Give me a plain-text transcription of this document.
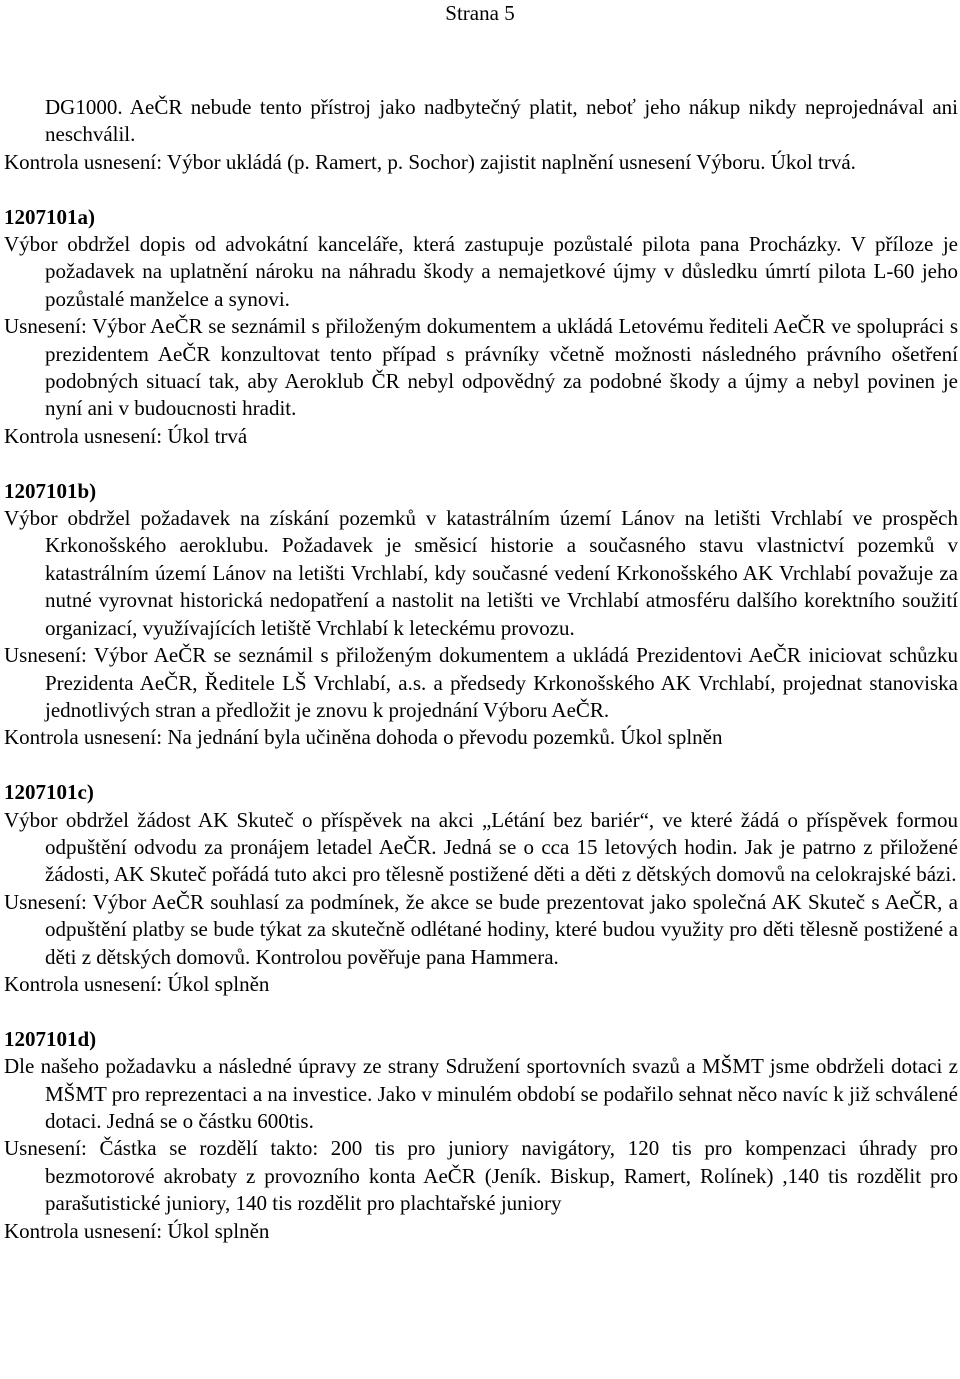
Strana 5

DG1000. AeČR nebude tento přístroj jako nadbytečný platit, neboť jeho nákup nikdy neprojednával ani neschválil.

Kontrola usnesení: Výbor ukládá (p. Ramert, p. Sochor) zajistit naplnění usnesení Výboru. Úkol trvá.

1207101a)

Výbor obdržel dopis od advokátní kanceláře, která zastupuje pozůstalé pilota pana Procházky. V příloze je požadavek na uplatnění nároku na náhradu škody a nemajetkové újmy v důsledku úmrtí pilota L-60 jeho pozůstalé manželce a synovi.

Usnesení: Výbor AeČR se seznámil s přiloženým dokumentem a ukládá Letovému řediteli AeČR ve spolupráci s prezidentem AeČR konzultovat tento případ s právníky včetně možnosti následného právního ošetření podobných situací tak, aby Aeroklub ČR nebyl odpovědný za podobné škody a újmy a nebyl povinen je nyní ani v budoucnosti hradit.

Kontrola usnesení: Úkol trvá

1207101b)

Výbor obdržel požadavek na získání pozemků v katastrálním území Lánov na letišti Vrchlabí ve prospěch Krkonošského aeroklubu. Požadavek je směsicí historie a současného stavu vlastnictví pozemků v katastrálním území Lánov na letišti Vrchlabí, kdy současné vedení Krkonošského AK Vrchlabí považuje za nutné vyrovnat historická nedopatření a nastolit na letišti ve Vrchlabí atmosféru dalšího korektního soužití organizací, využívajících letiště Vrchlabí k leteckému provozu.

Usnesení: Výbor AeČR se seznámil s přiloženým dokumentem a ukládá Prezidentovi AeČR iniciovat schůzku Prezidenta AeČR, Ředitele LŠ Vrchlabí, a.s. a předsedy Krkonošského AK Vrchlabí, projednat stanoviska jednotlivých stran a předložit je znovu k projednání Výboru AeČR.

Kontrola usnesení: Na jednání byla učiněna dohoda o převodu pozemků. Úkol splněn

1207101c)

Výbor obdržel žádost AK Skuteč o příspěvek na akci „Létání bez bariér“, ve které žádá o příspěvek formou odpuštění odvodu za pronájem letadel AeČR. Jedná se o cca 15 letových hodin. Jak je patrno z přiložené žádosti, AK Skuteč pořádá tuto akci pro tělesně postižené děti a děti z dětských domovů na celokrajské bázi.

Usnesení: Výbor AeČR souhlasí za podmínek, že akce se bude prezentovat jako společná AK Skuteč s AeČR, a odpuštění platby se bude týkat za skutečně odlétané hodiny, které budou využity pro děti tělesně postižené a děti z dětských domovů. Kontrolou pověřuje pana Hammera.

Kontrola usnesení: Úkol splněn

1207101d)

Dle našeho požadavku a následné úpravy ze strany Sdružení sportovních svazů a MŠMT jsme obdrželi dotaci z MŠMT pro reprezentaci a na investice. Jako v minulém období se podařilo sehnat něco navíc k již schválené dotaci. Jedná se o částku 600tis.

Usnesení: Částka se rozdělí takto: 200 tis pro juniory navigátory, 120 tis pro kompenzaci úhrady pro bezmotorové akrobaty z provozního konta AeČR (Jeník. Biskup, Ramert, Rolínek) ,140 tis rozdělit pro parašutistické juniory, 140 tis rozdělit pro plachtařské juniory

Kontrola usnesení: Úkol splněn
